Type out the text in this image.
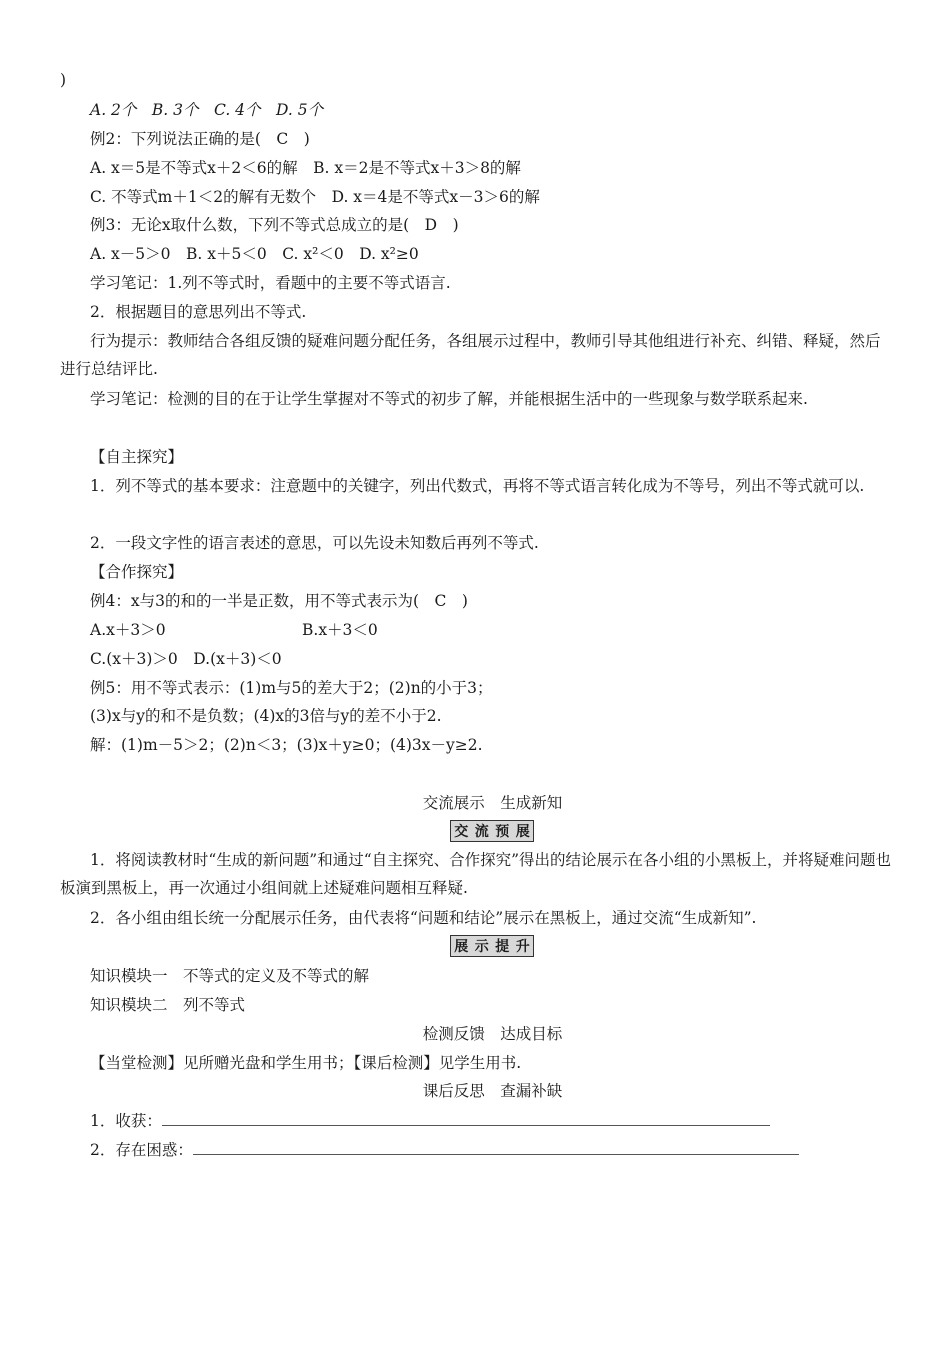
)
A. 2个　B. 3个　C. 4个　D. 5个
例2：下列说法正确的是(　C　)
A. x＝5是不等式x＋2＜6的解　B. x＝2是不等式x＋3＞8的解
C. 不等式m＋1＜2的解有无数个　D. x＝4是不等式x－3＞6的解
例3：无论x取什么数，下列不等式总成立的是(　D　)
A. x－5＞0　B. x＋5＜0　C. x²＜0　D. x²≥0
学习笔记：1.列不等式时，看题中的主要不等式语言.
2．根据题目的意思列出不等式.
行为提示：教师结合各组反馈的疑难问题分配任务，各组展示过程中，教师引导其他组进行补充、纠错、释疑，然后进行总结评比.
学习笔记：检测的目的在于让学生掌握对不等式的初步了解，并能根据生活中的一些现象与数学联系起来.
【自主探究】
1．列不等式的基本要求：注意题中的关键字，列出代数式，再将不等式语言转化成为不等号，列出不等式就可以.
2．一段文字性的语言表述的意思，可以先设未知数后再列不等式.
【合作探究】
例4：x与3的和的一半是正数，用不等式表示为(　C　)
A.x＋3＞0	B.x＋3＜0
C.(x＋3)＞0　D.(x＋3)＜0
例5：用不等式表示：(1)m与5的差大于2；(2)n的小于3；
(3)x与y的和不是负数；(4)x的3倍与y的差不小于2.
解：(1)m－5＞2；(2)n＜3；(3)x＋y≥0；(4)3x－y≥2.
交流展示　生成新知
交 流 预 展
1．将阅读教材时“生成的新问题”和通过“自主探究、合作探究”得出的结论展示在各小组的小黑板上，并将疑难问题也板演到黑板上，再一次通过小组间就上述疑难问题相互释疑.
2．各小组由组长统一分配展示任务，由代表将“问题和结论”展示在黑板上，通过交流“生成新知”.
展 示 提 升
知识模块一　不等式的定义及不等式的解
知识模块二　列不等式
检测反馈　达成目标
【当堂检测】见所赠光盘和学生用书；【课后检测】见学生用书.
课后反思　查漏补缺
1．收获：
2．存在困惑：
